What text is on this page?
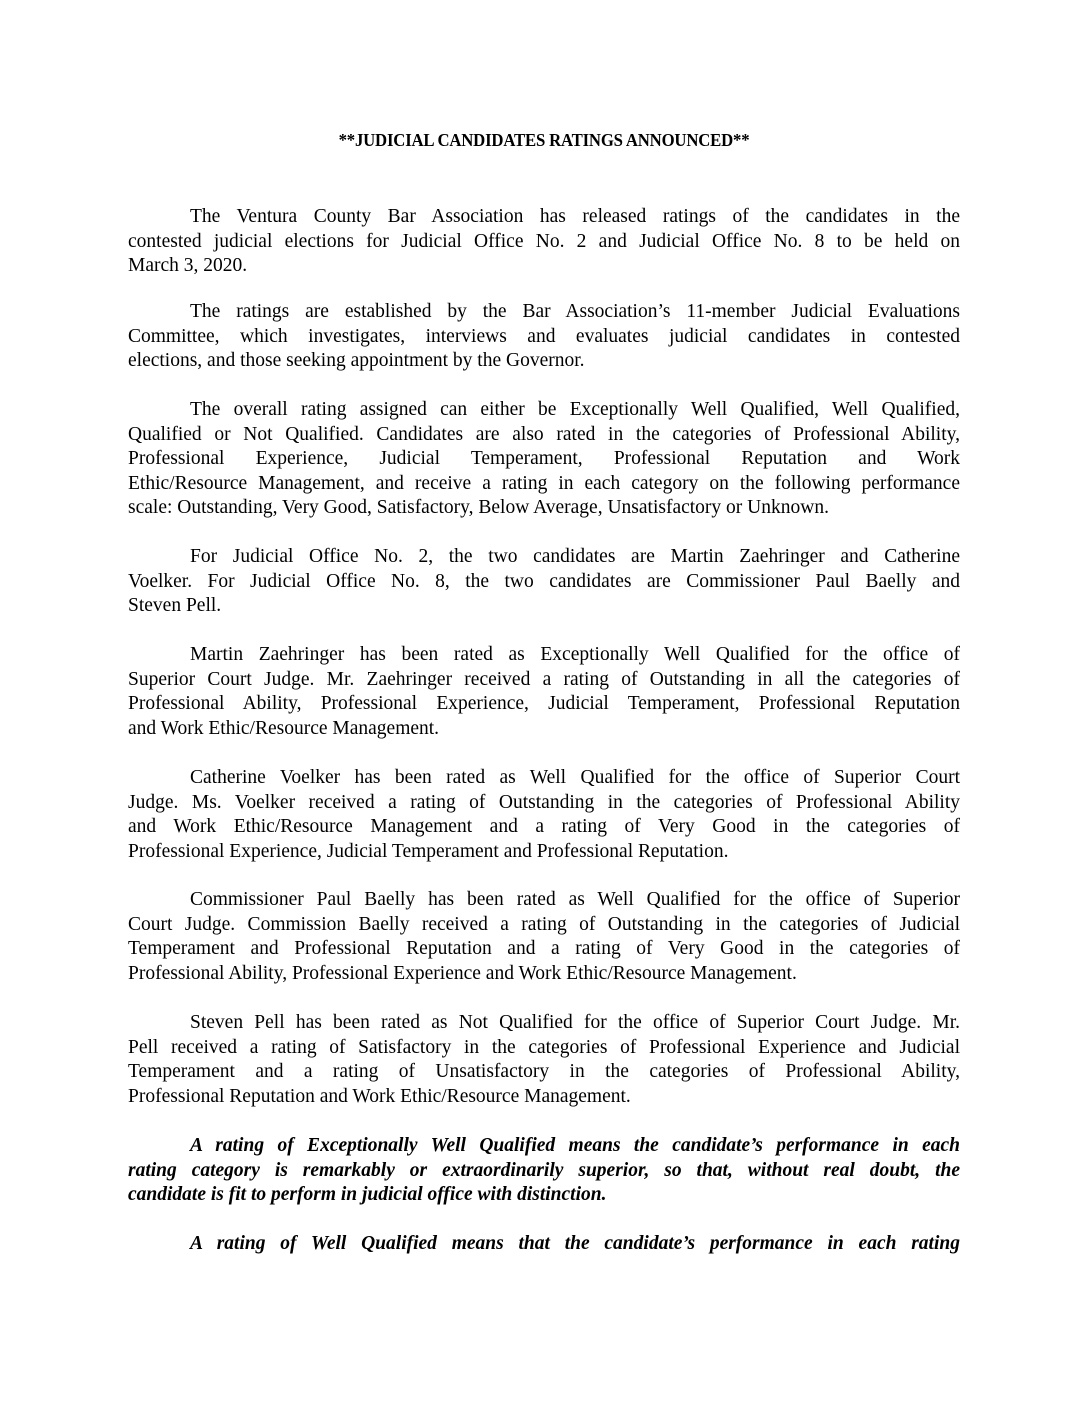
**JUDICIAL CANDIDATES RATINGS ANNOUNCED**
The Ventura County Bar Association has released ratings of the candidates in the
contested judicial elections for Judicial Office No. 2 and Judicial Office No. 8 to be held on
March 3, 2020.
The ratings are established by the Bar Association’s 11-member Judicial Evaluations
Committee, which investigates, interviews and evaluates judicial candidates in contested
elections, and those seeking appointment by the Governor.
The overall rating assigned can either be Exceptionally Well Qualified, Well Qualified,
Qualified or Not Qualified. Candidates are also rated in the categories of Professional Ability,
Professional Experience, Judicial Temperament, Professional Reputation and Work
Ethic/Resource Management, and receive a rating in each category on the following performance
scale: Outstanding, Very Good, Satisfactory, Below Average, Unsatisfactory or Unknown.
For Judicial Office No. 2, the two candidates are Martin Zaehringer and Catherine
Voelker. For Judicial Office No. 8, the two candidates are Commissioner Paul Baelly and
Steven Pell.
Martin Zaehringer has been rated as Exceptionally Well Qualified for the office of
Superior Court Judge. Mr. Zaehringer received a rating of Outstanding in all the categories of
Professional Ability, Professional Experience, Judicial Temperament, Professional Reputation
and Work Ethic/Resource Management.
Catherine Voelker has been rated as Well Qualified for the office of Superior Court
Judge. Ms. Voelker received a rating of Outstanding in the categories of Professional Ability
and Work Ethic/Resource Management and a rating of Very Good in the categories of
Professional Experience, Judicial Temperament and Professional Reputation.
Commissioner Paul Baelly has been rated as Well Qualified for the office of Superior
Court Judge. Commission Baelly received a rating of Outstanding in the categories of Judicial
Temperament and Professional Reputation and a rating of Very Good in the categories of
Professional Ability, Professional Experience and Work Ethic/Resource Management.
Steven Pell has been rated as Not Qualified for the office of Superior Court Judge. Mr.
Pell received a rating of Satisfactory in the categories of Professional Experience and Judicial
Temperament and a rating of Unsatisfactory in the categories of Professional Ability,
Professional Reputation and Work Ethic/Resource Management.
A rating of Exceptionally Well Qualified means the candidate’s performance in each
rating category is remarkably or extraordinarily superior, so that, without real doubt, the
candidate is fit to perform in judicial office with distinction.
A rating of Well Qualified means that the candidate’s performance in each rating
